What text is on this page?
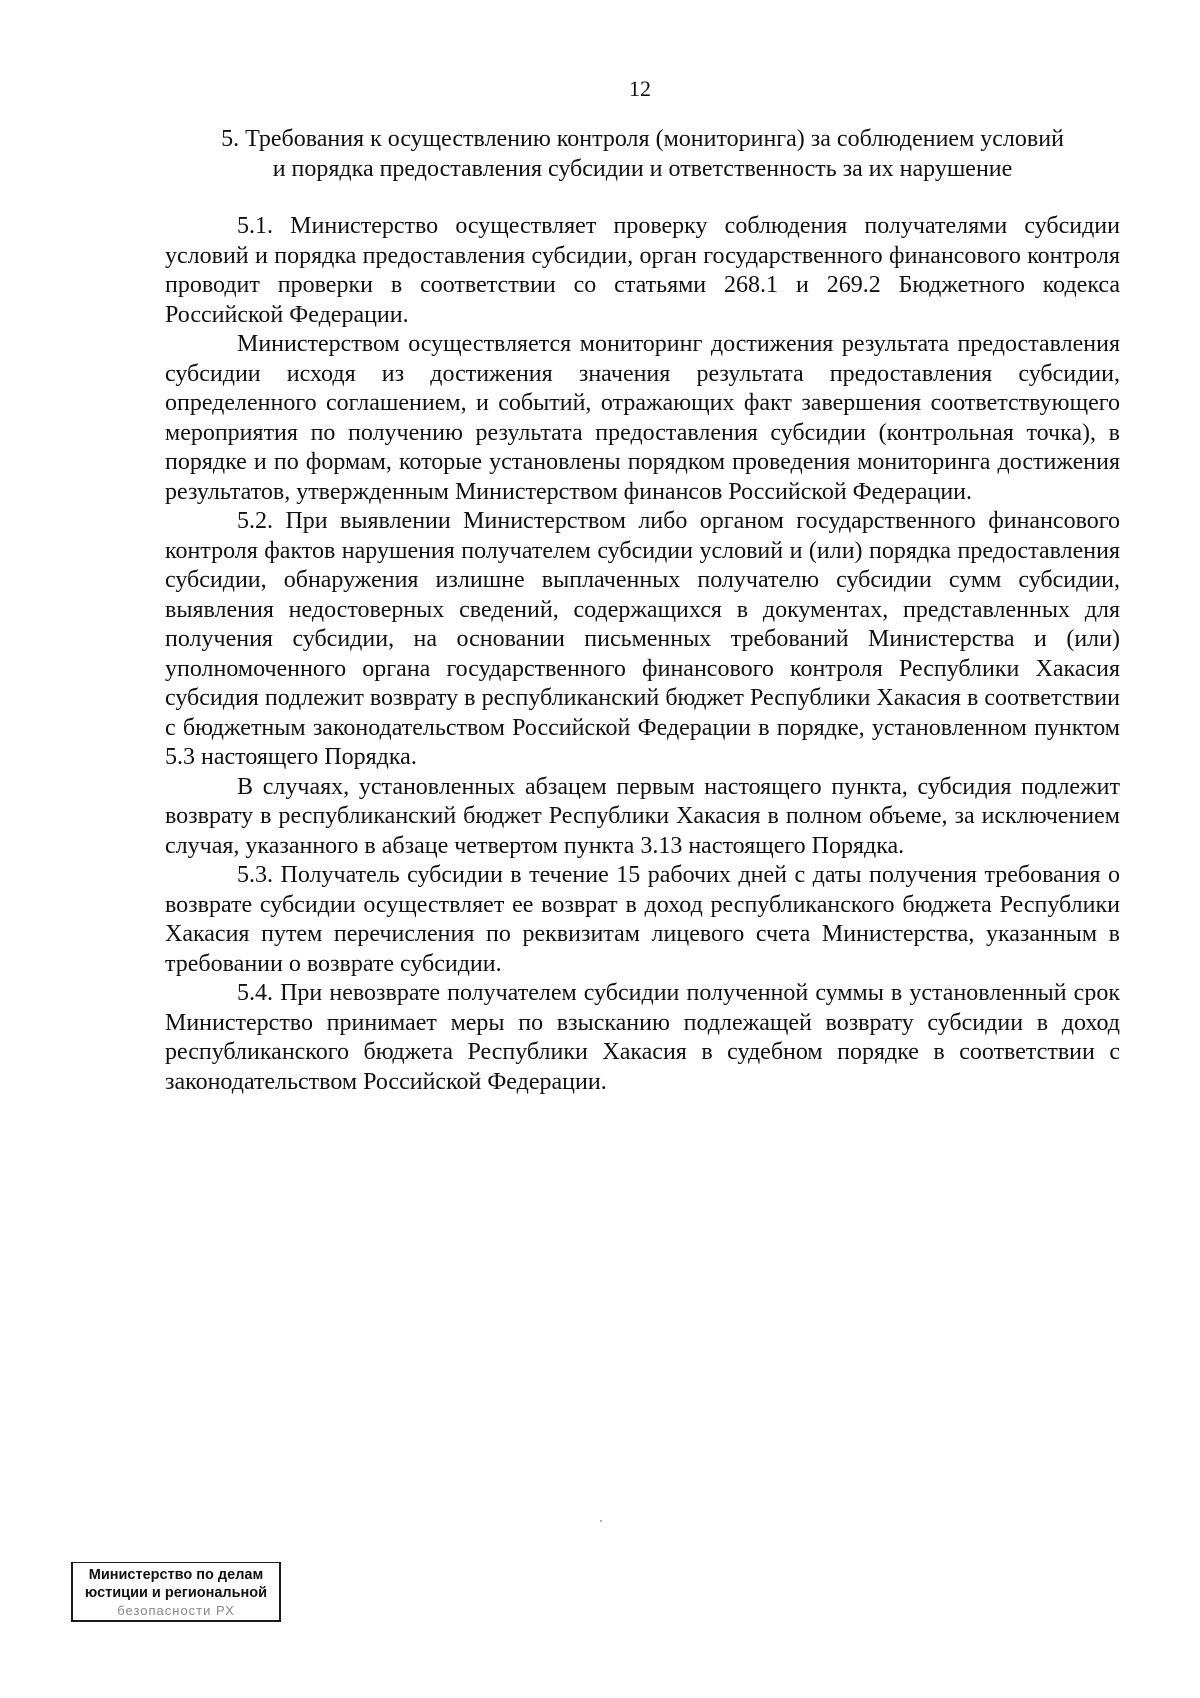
12
5. Требования к осуществлению контроля (мониторинга) за соблюдением условий
и порядка предоставления субсидии и ответственность за их нарушение

5.1. Министерство осуществляет проверку соблюдения получателями субсидии условий и порядка предоставления субсидии, орган государственного финансового контроля проводит проверки в соответствии со статьями 268.1 и 269.2 Бюджетного кодекса Российской Федерации.

Министерством осуществляется мониторинг достижения результата предоставления субсидии исходя из достижения значения результата предоставления субсидии, определенного соглашением, и событий, отражающих факт завершения соответствующего мероприятия по получению результата предоставления субсидии (контрольная точка), в порядке и по формам, которые установлены порядком проведения мониторинга достижения результатов, утвержденным Министерством финансов Российской Федерации.

5.2. При выявлении Министерством либо органом государственного финансового контроля фактов нарушения получателем субсидии условий и (или) порядка предоставления субсидии, обнаружения излишне выплаченных получателю субсидии сумм субсидии, выявления недостоверных сведений, содержащихся в документах, представленных для получения субсидии, на основании письменных требований Министерства и (или) уполномоченного органа государственного финансового контроля Республики Хакасия субсидия подлежит возврату в республиканский бюджет Республики Хакасия в соответствии с бюджетным законодательством Российской Федерации в порядке, установленном пунктом 5.3 настоящего Порядка.

В случаях, установленных абзацем первым настоящего пункта, субсидия подлежит возврату в республиканский бюджет Республики Хакасия в полном объеме, за исключением случая, указанного в абзаце четвертом пункта 3.13 настоящего Порядка.

5.3. Получатель субсидии в течение 15 рабочих дней с даты получения требования о возврате субсидии осуществляет ее возврат в доход республиканского бюджета Республики Хакасия путем перечисления по реквизитам лицевого счета Министерства, указанным в требовании о возврате субсидии.

5.4. При невозврате получателем субсидии полученной суммы в установленный срок Министерство принимает меры по взысканию подлежащей возврату субсидии в доход республиканского бюджета Республики Хакасия в судебном порядке в соответствии с законодательством Российской Федерации.

Министерство по делам
юстиции и региональной
безопасности РХ
